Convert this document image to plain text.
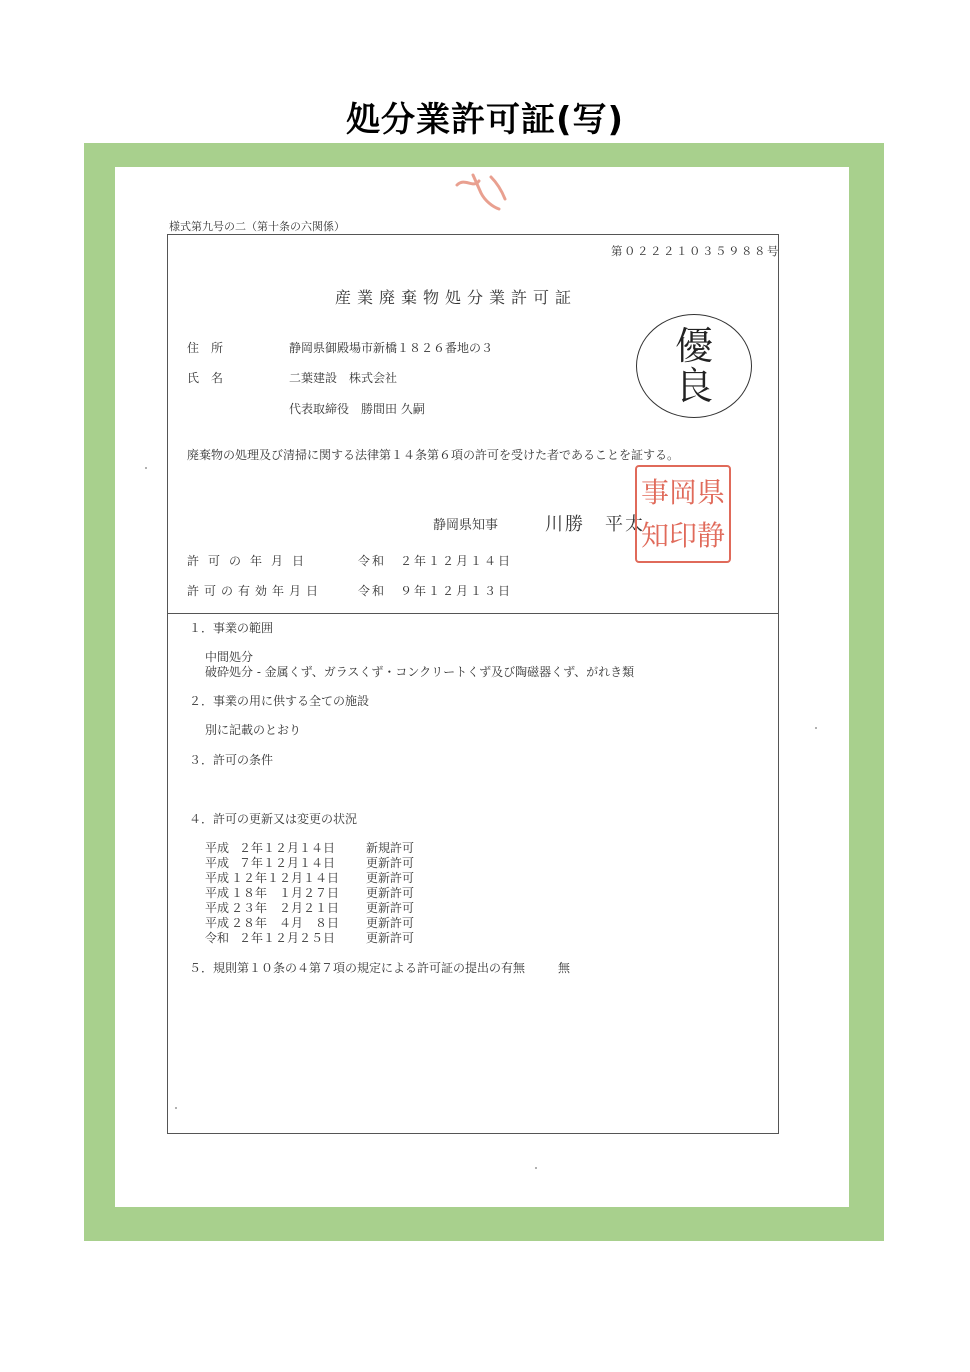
処分業許可証(写)
様式第九号の二（第十条の六関係）
第０２２２１０３５９８８号
産業廃棄物処分業許可証
住　所	静岡県御殿場市新橋１８２６番地の３
氏　名	二葉建設　株式会社
代表取締役　勝間田 久嗣
優
良
廃棄物の処理及び清掃に関する法律第１４条第６項の許可を受けた者であることを証する。
静岡県知事	川勝　平太
事 岡 県
知 印 静
許可の年月日	令和　２年１２月１４日
許可の有効年月日	令和　９年１２月１３日
１．事業の範囲
中間処分
破砕処分 - 金属くず、ガラスくず・コンクリートくず及び陶磁器くず、がれき類
２．事業の用に供する全ての施設
別に記載のとおり
３．許可の条件
４．許可の更新又は変更の状況
平成 ２年１２月１４日	新規許可
平成 ７年１２月１４日	更新許可
平成 １２年１２月１４日 更新許可
平成 １８年　１月２７日 更新許可
平成 ２３年　２月２１日 更新許可
平成 ２８年　４月　８日 更新許可
令和 ２年１２月２５日	更新許可
５．規則第１０条の４第７項の規定による許可証の提出の有無	無
